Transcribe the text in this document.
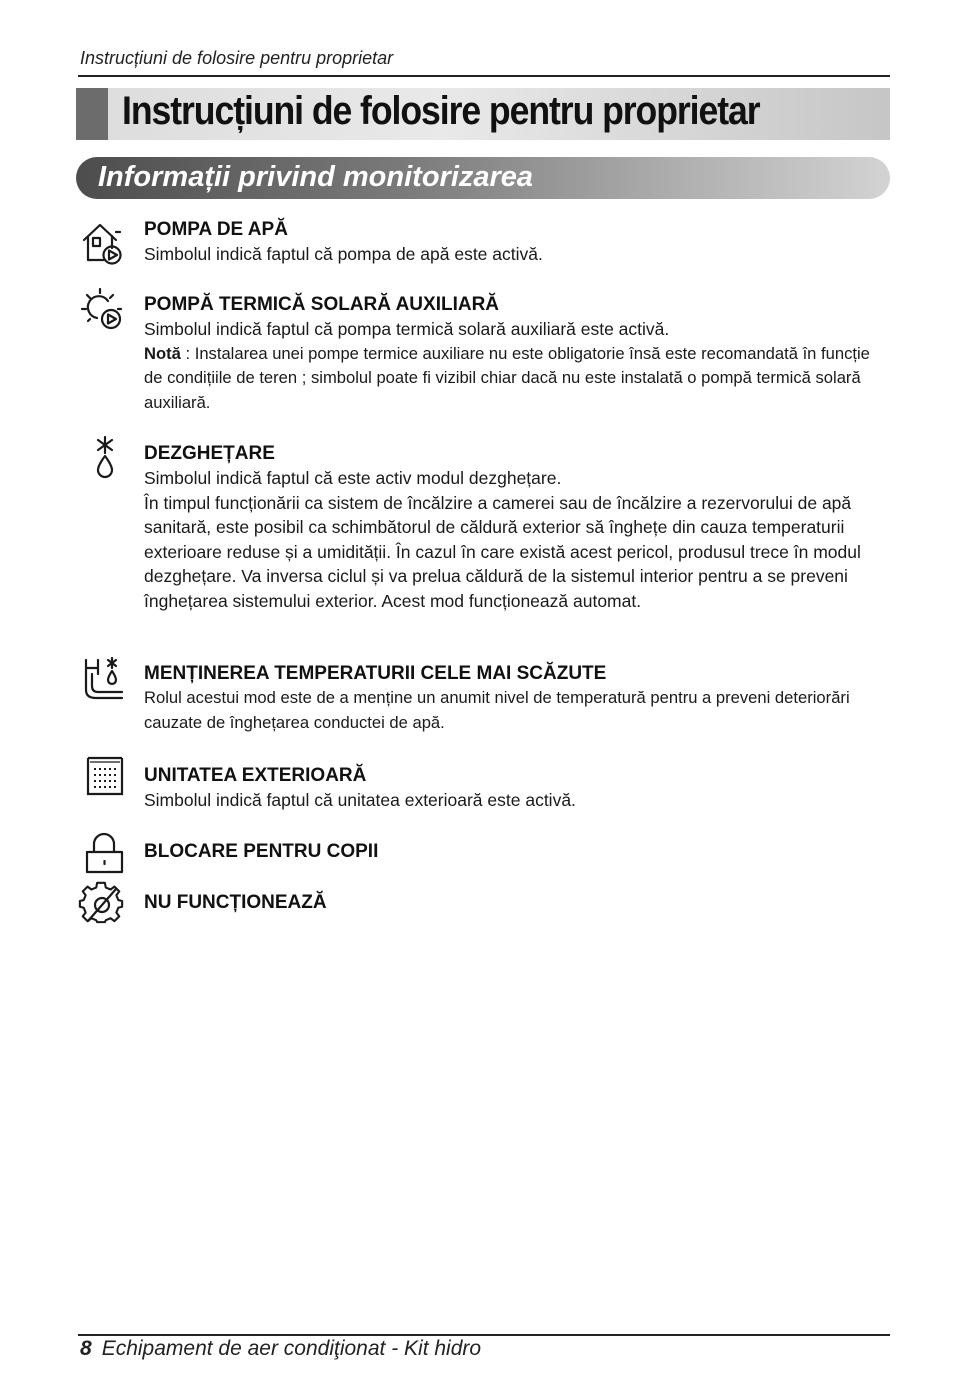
Instrucțiuni de folosire pentru proprietar
Instrucțiuni de folosire pentru proprietar
Informații privind monitorizarea
POMPA DE APĂ

Simbolul indică faptul că pompa de apă este activă.

POMPĂ TERMICĂ SOLARĂ AUXILIARĂ

Simbolul indică faptul că pompa termică solară auxiliară este activă.

Notă : Instalarea unei pompe termice auxiliare nu este obligatorie însă este recomandată în funcție de condițiile de teren ; simbolul poate fi vizibil chiar dacă nu este instalată o pompă termică solară auxiliară.

DEZGHEȚARE

Simbolul indică faptul că este activ modul dezghețare.

În timpul funcționării ca sistem de încălzire a camerei sau de încălzire a rezervorului de apă sanitară, este posibil ca schimbătorul de căldură exterior să înghețe din cauza temperaturii exterioare reduse și a umidității. În cazul în care există acest pericol, produsul trece în modul dezghețare. Va inversa ciclul și va prelua căldură de la sistemul interior pentru a se preveni înghețarea sistemului exterior. Acest mod funcționează automat.

MENȚINEREA TEMPERATURII CELE MAI SCĂZUTE

Rolul acestui mod este de a menține un anumit nivel de temperatură pentru a preveni deteriorări cauzate de înghețarea conductei de apă.

UNITATEA EXTERIOARĂ

Simbolul indică faptul că unitatea exterioară este activă.

BLOCARE PENTRU COPII
NU FUNCȚIONEAZĂ
8 Echipament de aer condiţionat - Kit hidro
